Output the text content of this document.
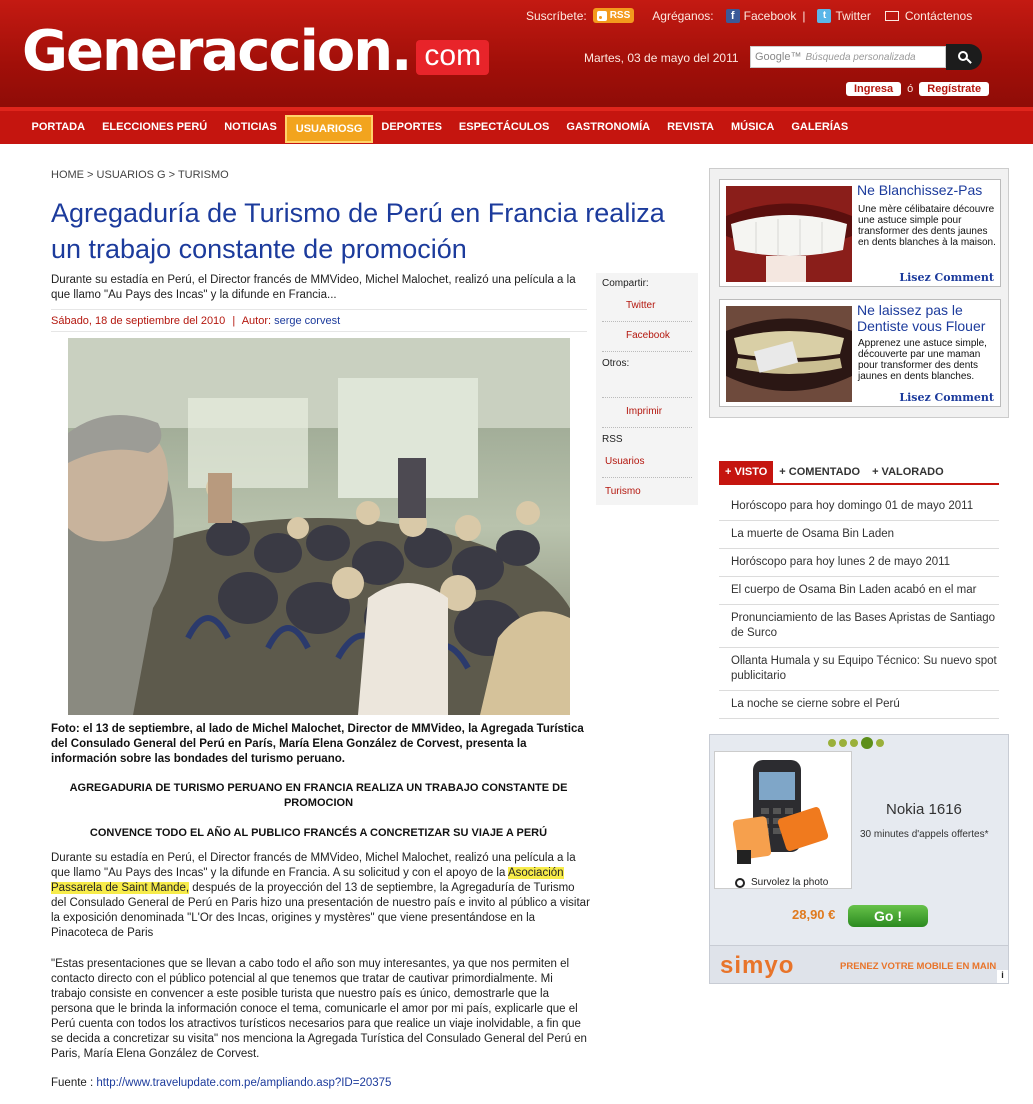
Generaccion . com
Suscríbete: RSS Agréganos:	f Facebook |	t Twitter	Contáctenos
Martes, 03 de mayo del 2011 Google™ Búsqueda personalizada
Ingresa	ó	Regístrate
PORTADA	ELECCIONES PERÚ	NOTICIAS	USUARIOSG	DEPORTES	ESPECTÁCULOS	GASTRONOMÍA	REVISTA	MÚSICA	GALERÍAS
HOME > USUARIOS G > TURISMO
Agregaduría de Turismo de Perú en Francia realiza un trabajo constante de promoción

Durante su estadía en Perú, el Director francés de MMVideo, Michel Malochet, realizó una película a la que llamo "Au Pays des Incas" y la difunde en Francia...

Sábado, 18 de septiembre del 2010 | Autor: serge corvest
Compartir:
Twitter
Facebook
Otros:
Imprimir
RSS
Usuarios
Turismo

Foto: el 13 de septiembre, al lado de Michel Malochet, Director de MMVideo, la Agregada Turística del Consulado General del Perú en París, María Elena González de Corvest, presenta la información sobre las bondades del turismo peruano.

AGREGADURIA DE TURISMO PERUANO EN FRANCIA REALIZA UN TRABAJO CONSTANTE DE PROMOCION

CONVENCE TODO EL AÑO AL PUBLICO FRANCÉS A CONCRETIZAR SU VIAJE A PERÚ

Durante su estadía en Perú, el Director francés de MMVideo, Michel Malochet, realizó una película a la que llamo "Au Pays des Incas" y la difunde en Francia. A su solicitud y con el apoyo de la Asociación Passarela de Saint Mande, después de la proyección del 13 de septiembre, la Agregaduría de Turismo del Consulado General de Perú en Paris hizo una presentación de nuestro país e invito al público a visitar la exposición denominada "L'Or des Incas, origines y mystères" que viene presentándose en la Pinacoteca de Paris

"Estas presentaciones que se llevan a cabo todo el año son muy interesantes, ya que nos permiten el contacto directo con el público potencial al que tenemos que tratar de cautivar primordialmente. Mi trabajo consiste en convencer a este posible turista que nuestro país es único, demostrarle que la persona que le brinda la información conoce el tema, comunicarle el amor por mi país, explicarle que el Perú cuenta con todos los atractivos turísticos necesarios para que realice un viaje inolvidable, a fin que se decida a concretizar su visita" nos menciona la Agregada Turística del Consulado General del Perú en Paris, María Elena González de Corvest.

Fuente : http://www.travelupdate.com.pe/ampliando.asp?ID=20375
Ne Blanchissez-Pas
Une mère célibataire découvre une astuce simple pour transformer des dents jaunes en dents blanches à la maison.
Lisez Comment
Ne laissez pas le Dentiste vous Flouer
Apprenez une astuce simple, découverte par une maman pour transformer des dents jaunes en dents blanches.
Lisez Comment
+ VISTO	+ COMENTADO + VALORADO
Horóscopo para hoy domingo 01 de mayo 2011
La muerte de Osama Bin Laden
Horóscopo para hoy lunes 2 de mayo 2011
El cuerpo de Osama Bin Laden acabó en el mar
Pronunciamiento de las Bases Apristas de Santiago de Surco
Ollanta Humala y su Equipo Técnico: Su nuevo spot publicitario
La noche se cierne sobre el Perú
Survolez la photo
Nokia 1616
30 minutes d'appels offertes*
28,90 €	Go !
simyo	PRENEZ VOTRE MOBILE EN MAIN
i
